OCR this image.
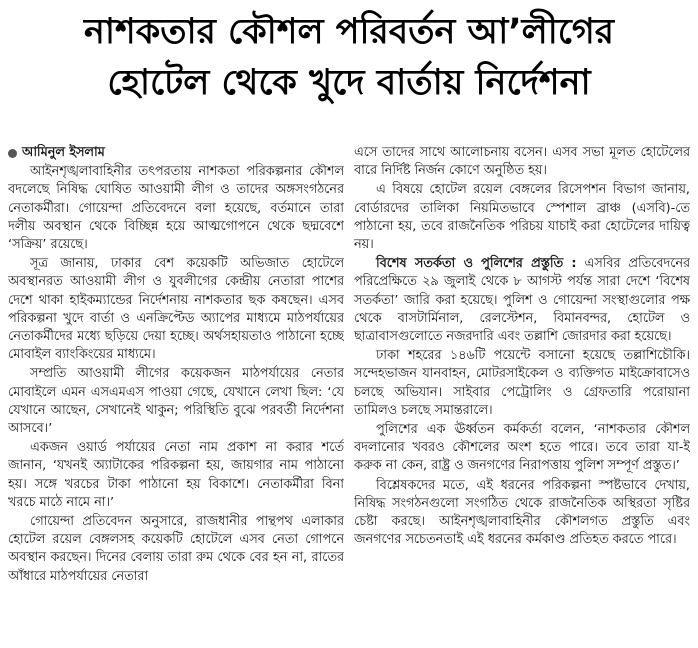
নাশকতার কৌশল পরিবর্তন আ’লীগের
হোটেল থেকে খুদে বার্তায় নির্দেশনা
আমিনুল ইসলাম

আইনশৃঙ্খলাবাহিনীর তৎপরতায় নাশকতা পরিকল্পনার কৌশল বদলেছে নিষিদ্ধ ঘোষিত আওয়ামী লীগ ও তাদের অঙ্গসংগঠনের নেতাকর্মীরা। গোয়েন্দা প্রতিবেদনে বলা হয়েছে, বর্তমানে তারা দলীয় অবস্থান থেকে বিচ্ছিন্ন হয়ে আত্মগোপনে থেকে ছদ্মবেশে ‘সক্রিয়’ রয়েছে।

সূত্র জানায়, ঢাকার বেশ কয়েকটি অভিজাত হোটেলে অবস্থানরত আওয়ামী লীগ ও যুবলীগের কেন্দ্রীয় নেতারা পাশের দেশে থাকা হাইকম্যান্ডের নির্দেশনায় নাশকতার ছক কষছেন। এসব পরিকল্পনা খুদে বার্তা ও এনক্রিপ্টেড অ্যাপের মাধ্যমে মাঠপর্যায়ের নেতাকর্মীদের মধ্যে ছড়িয়ে দেয়া হচ্ছে। অর্থসহায়তাও পাঠানো হচ্ছে মোবাইল ব্যাংকিংয়ের মাধ্যমে।

সম্প্রতি আওয়ামী লীগের কয়েকজন মাঠপর্যায়ের নেতার মোবাইলে এমন এসএমএস পাওয়া গেছে, যেখানে লেখা ছিল: ‘যে যেখানে আছেন, সেখানেই থাকুন; পরিস্থিতি বুঝে পরবর্তী নির্দেশনা আসবে।’

একজন ওয়ার্ড পর্যায়ের নেতা নাম প্রকাশ না করার শর্তে জানান, ‘যখনই অ্যাটাকের পরিকল্পনা হয়, জায়গার নাম পাঠানো হয়। সঙ্গে খরচের টাকা পাঠানো হয় বিকাশে। নেতাকর্মীরা বিনা খরচে মাঠে নামে না।’

গোয়েন্দা প্রতিবেদন অনুসারে, রাজধানীর পান্থপথ এলাকার হোটেল রয়েল বেঙ্গলসহ কয়েকটি হোটেলে এসব নেতা গোপনে অবস্থান করছেন। দিনের বেলায় তারা রুম থেকে বের হন না, রাতের আঁধারে মাঠপর্যায়ের নেতারা

এসে তাদের সাথে আলোচনায় বসেন। এসব সভা মূলত হোটেলের বারে নির্দিষ্ট নির্জন কোণে অনুষ্ঠিত হয়।

এ বিষয়ে হোটেল রয়েল বেঙ্গলের রিসেপশন বিভাগ জানায়, বোর্ডারদের তালিকা নিয়মিতভাবে স্পেশাল ব্রাঞ্চ (এসবি)-তে পাঠানো হয়, তবে রাজনৈতিক পরিচয় যাচাই করা হোটেলের দায়িত্ব নয়।

বিশেষ সতর্কতা ও পুলিশের প্রস্তুতি : এসবির প্রতিবেদনের পরিপ্রেক্ষিতে ২৯ জুলাই থেকে ৮ আগস্ট পর্যন্ত সারা দেশে ‘বিশেষ সতর্কতা’ জারি করা হয়েছে। পুলিশ ও গোয়েন্দা সংস্থাগুলোর পক্ষ থেকে বাসটার্মিনাল, রেলস্টেশন, বিমানবন্দর, হোটেল ও ছাত্রাবাসগুলোতে নজরদারি এবং তল্লাশি জোরদার করা হয়েছে।

ঢাকা শহরের ১৪৬টি পয়েন্টে বসানো হয়েছে তল্লাশিচৌকি। সন্দেহভাজন যানবাহন, মোটরসাইকেল ও ব্যক্তিগত মাইক্রোবাসেও চলছে অভিযান। সাইবার পেট্রোলিং ও গ্রেফতারি পরোয়ানা তামিলও চলছে সমান্তরালে।

পুলিশের এক ঊর্ধ্বতন কর্মকর্তা বলেন, ‘নাশকতার কৌশল বদলানোর খবরও কৌশলের অংশ হতে পারে। তবে তারা যা-ই করুক না কেন, রাষ্ট্র ও জনগণের নিরাপত্তায় পুলিশ সম্পূর্ণ প্রস্তুত।’

বিশ্লেষকদের মতে, এই ধরনের পরিকল্পনা স্পষ্টভাবে দেখায়, নিষিদ্ধ সংগঠনগুলো সংগঠিত থেকে রাজনৈতিক অস্থিরতা সৃষ্টির চেষ্টা করছে। আইনশৃঙ্খলাবাহিনীর কৌশলগত প্রস্তুতি এবং জনগণের সচেতনতাই এই ধরনের কর্মকাণ্ড প্রতিহত করতে পারে।
